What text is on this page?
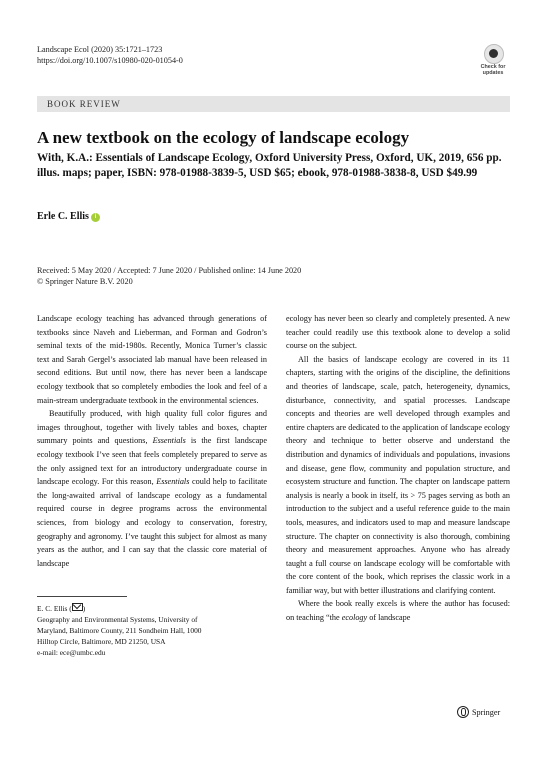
Landscape Ecol (2020) 35:1721–1723
https://doi.org/10.1007/s10980-020-01054-0
Check for
updates
BOOK REVIEW
A new textbook on the ecology of landscape ecology
With, K.A.: Essentials of Landscape Ecology, Oxford University Press, Oxford, UK, 2019, 656 pp. illus. maps; paper, ISBN: 978-01988-3839-5, USD $65; ebook, 978-01988-3838-8, USD $49.99
Erle C. Ellis i
Received: 5 May 2020 / Accepted: 7 June 2020 / Published online: 14 June 2020
© Springer Nature B.V. 2020

Landscape ecology teaching has advanced through generations of textbooks since Naveh and Lieberman, and Forman and Godron’s seminal texts of the mid-1980s. Recently, Monica Turner’s classic text and Sarah Gergel’s associated lab manual have been released in second editions. But until now, there has never been a landscape ecology textbook that so completely embodies the look and feel of a main-stream undergraduate textbook in the environmental sciences.

Beautifully produced, with high quality full color figures and images throughout, together with lively tables and boxes, chapter summary points and questions, Essentials is the first landscape ecology textbook I’ve seen that feels completely prepared to serve as the only assigned text for an introductory undergraduate course in landscape ecology. For this reason, Essentials could help to facilitate the long-awaited arrival of landscape ecology as a fundamental required course in degree programs across the environmental sciences, from biology and ecology to conservation, forestry, geography and agronomy. I’ve taught this subject for almost as many years as the author, and I can say that the classic core material of landscape

E. C. Ellis ( )
Geography and Environmental Systems, University of
Maryland, Baltimore County, 211 Sondheim Hall, 1000
Hilltop Circle, Baltimore, MD 21250, USA
e-mail: ece@umbc.edu

ecology has never been so clearly and completely presented. A new teacher could readily use this textbook alone to develop a solid course on the subject.

All the basics of landscape ecology are covered in its 11 chapters, starting with the origins of the discipline, the definitions and theories of landscape, scale, patch, heterogeneity, dynamics, disturbance, connectivity, and spatial processes. Landscape concepts and theories are well developed through examples and entire chapters are dedicated to the application of landscape ecology theory and technique to better observe and understand the distribution and dynamics of individuals and populations, invasions and disease, gene flow, community and population structure, and ecosystem structure and function. The chapter on landscape pattern analysis is nearly a book in itself, its > 75 pages serving as both an introduction to the subject and a useful reference guide to the main tools, measures, and indicators used to map and measure landscape structure. The chapter on connectivity is also thorough, combining theory and measurement approaches. Anyone who has already taught a full course on landscape ecology will be comfortable with the core content of the book, which reprises the classic work in a familiar way, but with better illustrations and clarifying content.

Where the book really excels is where the author has focused: on teaching “the ecology of landscape

Springer
